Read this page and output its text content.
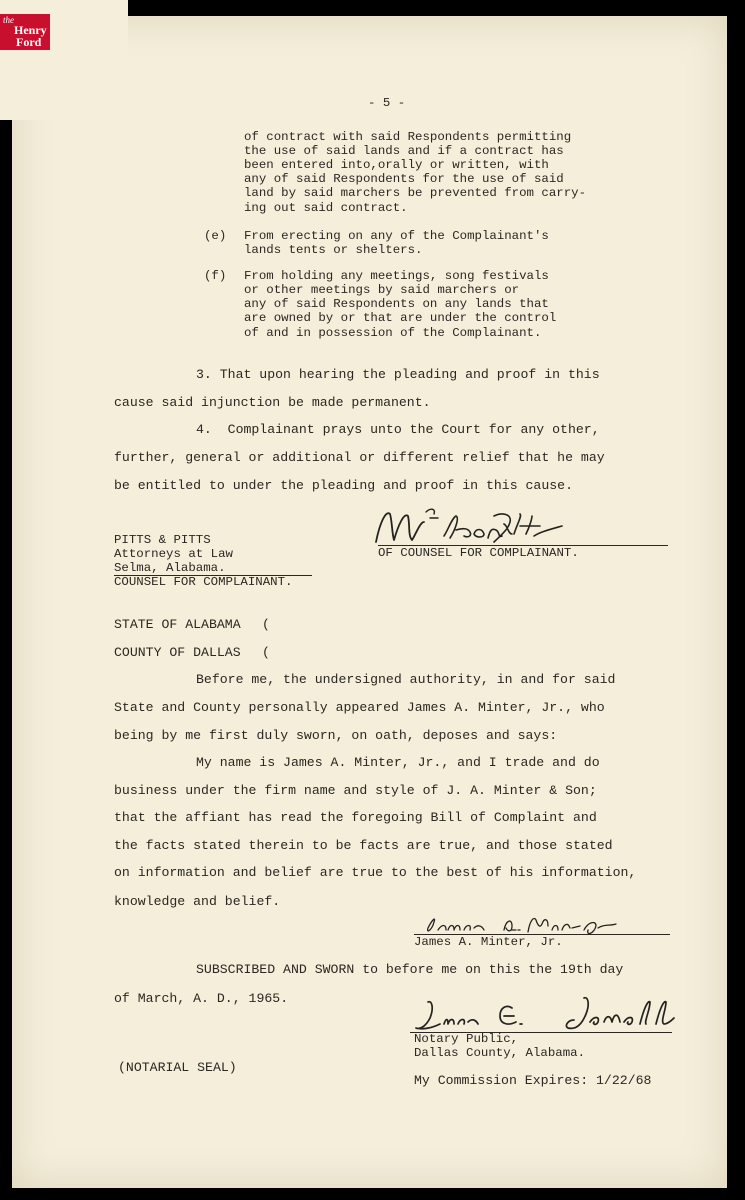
the
Henry
Ford

- 5 -

of contract with said Respondents permitting

the use of said lands and if a contract has

been entered into,orally or written, with

any of said Respondents for the use of said

land by said marchers be prevented from carry-

ing out said contract.

(e) From erecting on any of the Complainant's

lands tents or shelters.

(f) From holding any meetings, song festivals

or other meetings by said marchers or

any of said Respondents on any lands that

are owned by or that are under the control

of and in possession of the Complainant.

3. That upon hearing the pleading and proof in this

cause said injunction be made permanent.

4.  Complainant prays unto the Court for any other,

further, general or additional or different relief that he may

be entitled to under the pleading and proof in this cause.

PITTS & PITTS

Attorneys at Law

Selma, Alabama.

COUNSEL FOR COMPLAINANT.

OF COUNSEL FOR COMPLAINANT.

STATE OF ALABAMA (

COUNTY OF DALLAS (

Before me, the undersigned authority, in and for said

State and County personally appeared James A. Minter, Jr., who

being by me first duly sworn, on oath, deposes and says:

My name is James A. Minter, Jr., and I trade and do

business under the firm name and style of J. A. Minter & Son;

that the affiant has read the foregoing Bill of Complaint and

the facts stated therein to be facts are true, and those stated

on information and belief are true to the best of his information,

knowledge and belief.

James A. Minter, Jr.

SUBSCRIBED AND SWORN to before me on this the 19th day

of March, A. D., 1965.

Notary Public,

Dallas County, Alabama.

(NOTARIAL SEAL)

My Commission Expires: 1/22/68
